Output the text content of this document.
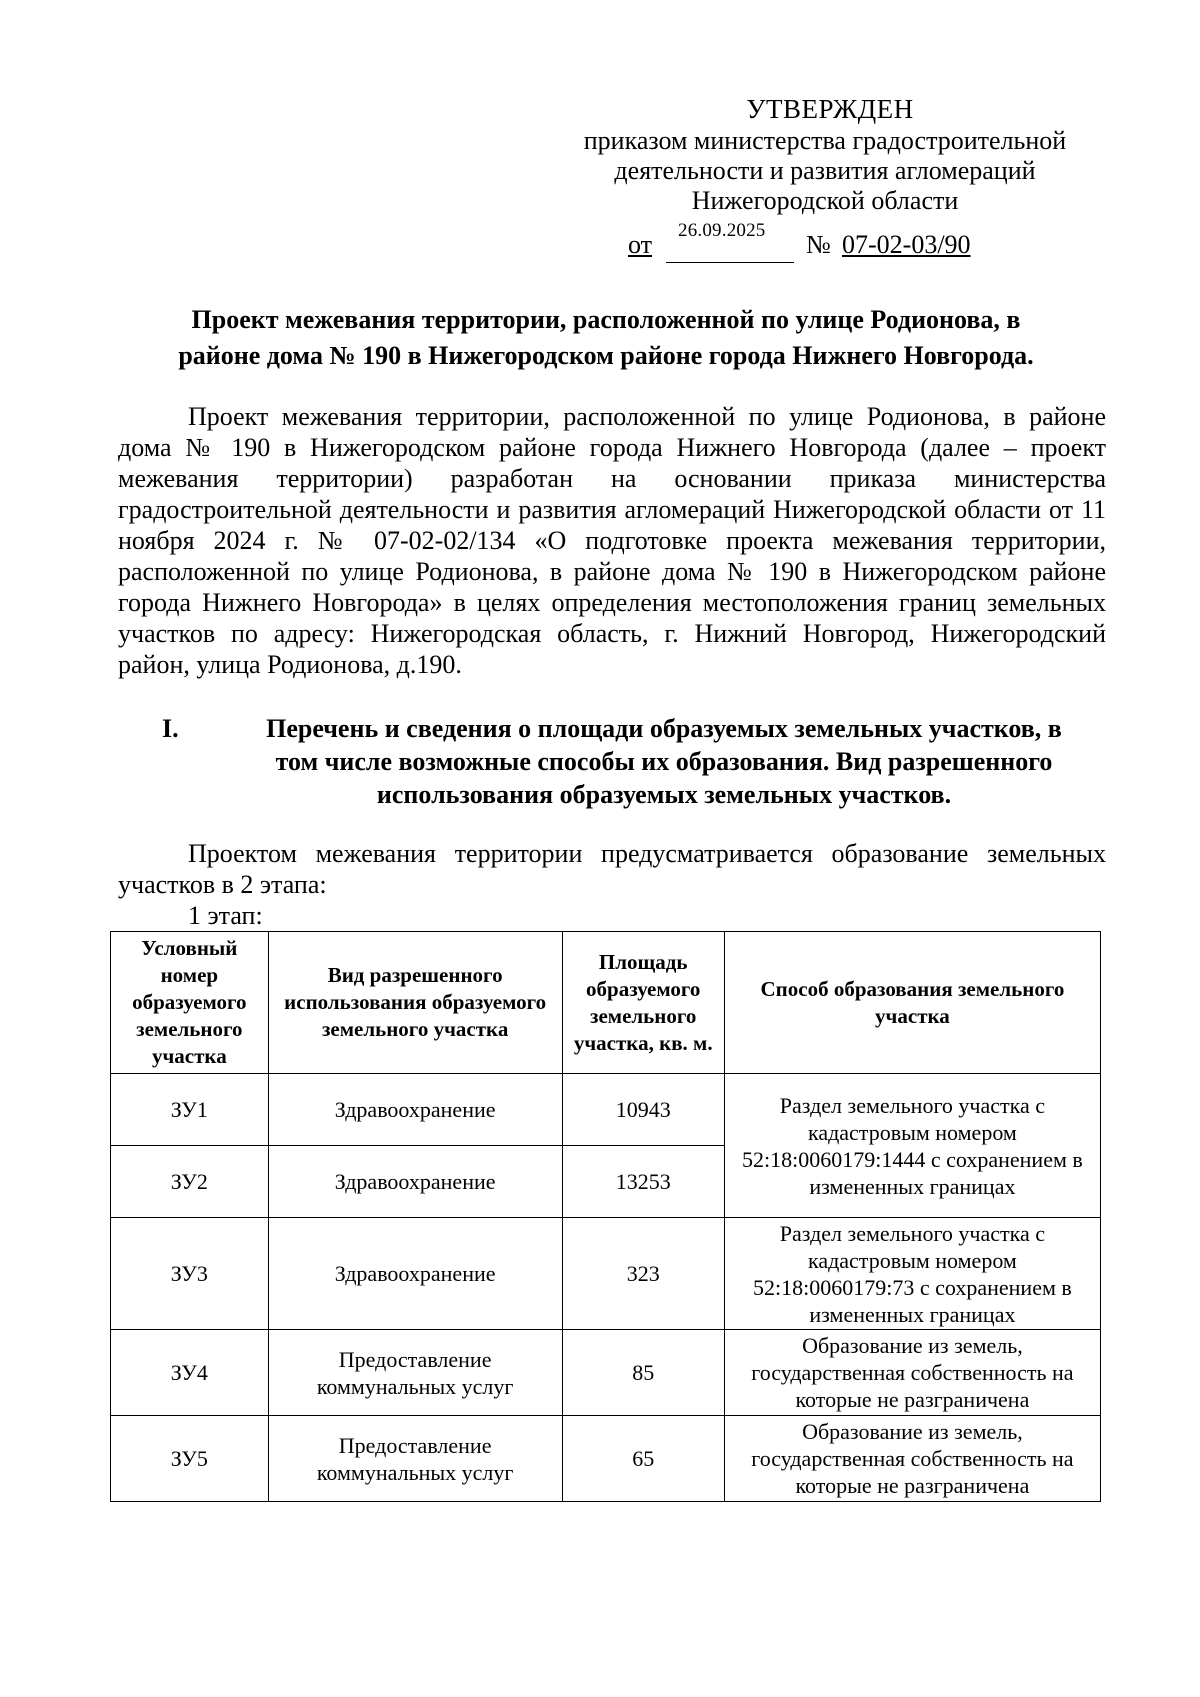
УТВЕРЖДЕН
приказом министерства градостроительной
деятельности и развития агломераций
Нижегородской области
от 26.09.2025 № 07-02-03/90
Проект межевания территории, расположенной по улице Родионова, в
районе дома № 190 в Нижегородском районе города Нижнего Новгорода.

Проект межевания территории, расположенной по улице Родионова, в районе дома № 190 в Нижегородском районе города Нижнего Новгорода (далее – проект межевания территории) разработан на основании приказа министерства градостроительной деятельности и развития агломераций Нижегородской области от 11 ноября 2024 г. № 07-02-02/134 «О подготовке проекта межевания территории, расположенной по улице Родионова, в районе дома № 190 в Нижегородском районе города Нижнего Новгорода» в целях определения местоположения границ земельных участков по адресу: Нижегородская область, г. Нижний Новгород, Нижегородский район, улица Родионова, д.190.

I.	Перечень и сведения о площади образуемых земельных участков, в
том числе возможные способы их образования. Вид разрешенного
использования образуемых земельных участков.

Проектом межевания территории предусматривается образование земельных участков в 2 этапа:

1 этап:
Условный номер образуемого земельного участка	Вид разрешенного использования образуемого земельного участка	Площадь образуемого земельного участка, кв. м.	Способ образования земельного участка
ЗУ1	Здравоохранение	10943	Раздел земельного участка с кадастровым номером 52:18:0060179:1444 с сохранением в измененных границах
ЗУ2	Здравоохранение	13253	
ЗУ3	Здравоохранение	323	Раздел земельного участка с кадастровым номером 52:18:0060179:73 с сохранением в измененных границах
ЗУ4	Предоставление коммунальных услуг	85	Образование из земель, государственная собственность на которые не разграничена
ЗУ5	Предоставление коммунальных услуг	65	Образование из земель, государственная собственность на которые не разграничена
